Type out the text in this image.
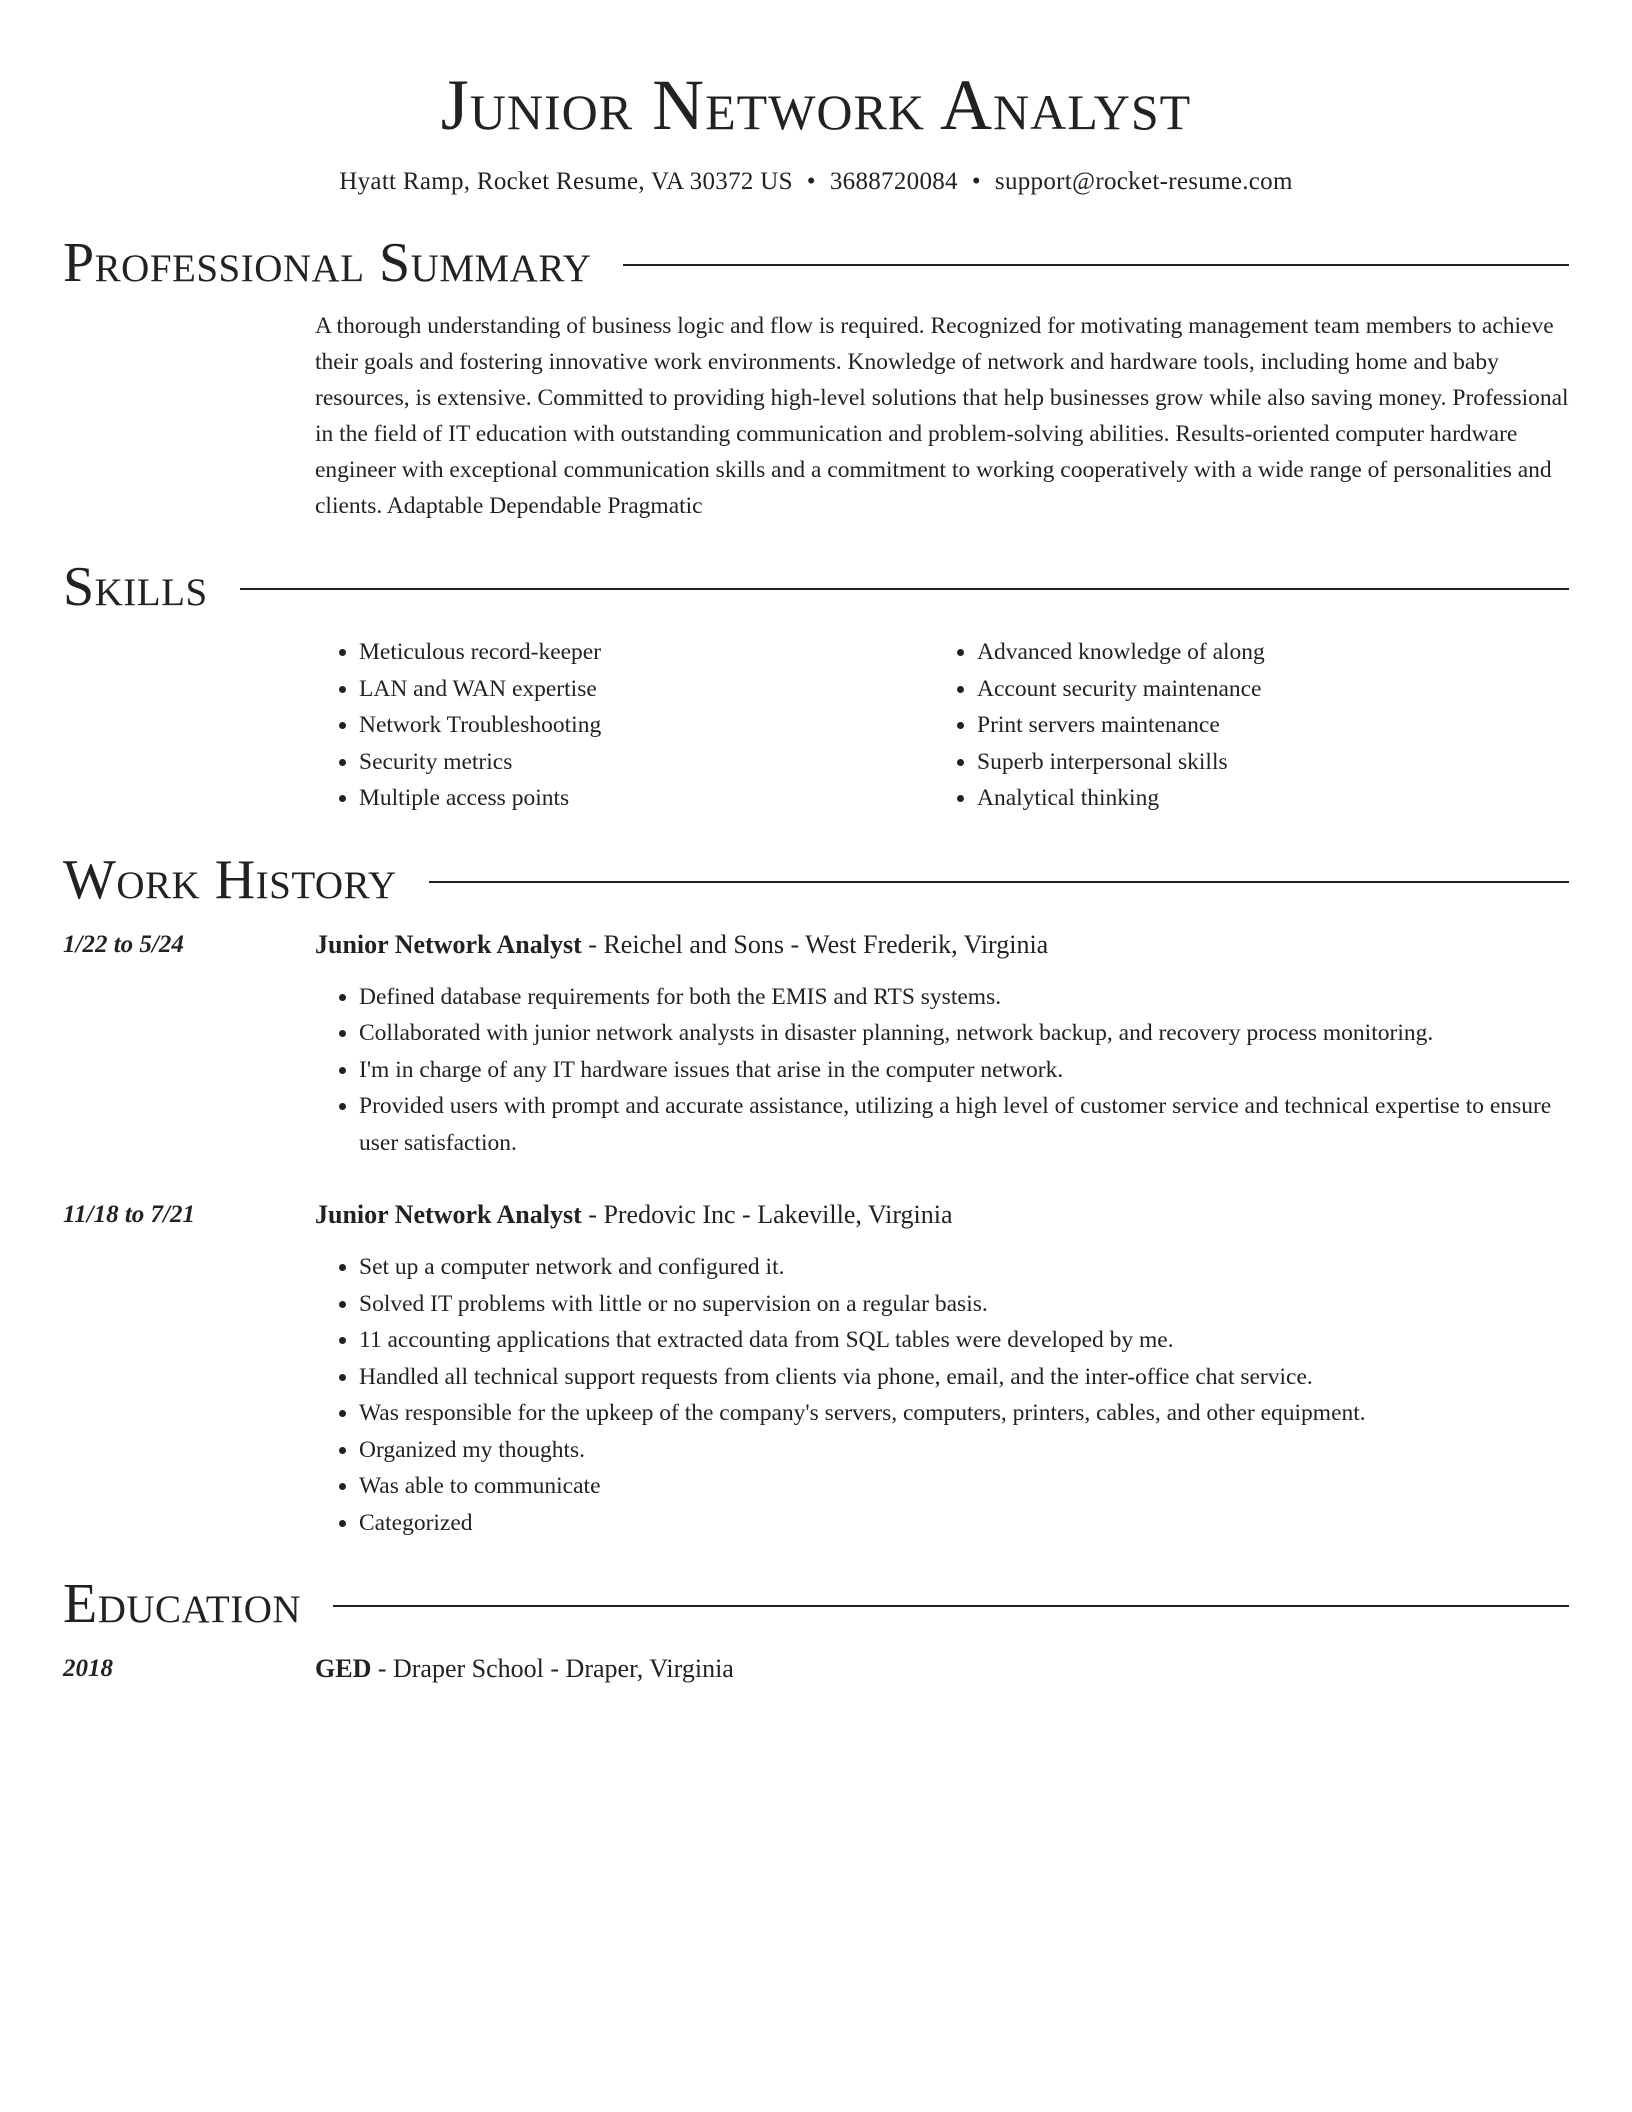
Junior Network Analyst
Hyatt Ramp, Rocket Resume, VA 30372 US • 3688720084 • support@rocket-resume.com
Professional Summary
A thorough understanding of business logic and flow is required. Recognized for motivating management team members to achieve their goals and fostering innovative work environments. Knowledge of network and hardware tools, including home and baby resources, is extensive. Committed to providing high-level solutions that help businesses grow while also saving money. Professional in the field of IT education with outstanding communication and problem-solving abilities. Results-oriented computer hardware engineer with exceptional communication skills and a commitment to working cooperatively with a wide range of personalities and clients. Adaptable Dependable Pragmatic
Skills
• Meticulous record-keeper
• LAN and WAN expertise
• Network Troubleshooting
• Security metrics
• Multiple access points
• Advanced knowledge of along
• Account security maintenance
• Print servers maintenance
• Superb interpersonal skills
• Analytical thinking
Work History
1/22 to 5/24	Junior Network Analyst - Reichel and Sons - West Frederik, Virginia
• Defined database requirements for both the EMIS and RTS systems.
• Collaborated with junior network analysts in disaster planning, network backup, and recovery process monitoring.
• I'm in charge of any IT hardware issues that arise in the computer network.
• Provided users with prompt and accurate assistance, utilizing a high level of customer service and technical expertise to ensure user satisfaction.
11/18 to 7/21	Junior Network Analyst - Predovic Inc - Lakeville, Virginia
• Set up a computer network and configured it.
• Solved IT problems with little or no supervision on a regular basis.
• 11 accounting applications that extracted data from SQL tables were developed by me.
• Handled all technical support requests from clients via phone, email, and the inter-office chat service.
• Was responsible for the upkeep of the company's servers, computers, printers, cables, and other equipment.
• Organized my thoughts.
• Was able to communicate
• Categorized
Education
2018	GED - Draper School - Draper, Virginia
